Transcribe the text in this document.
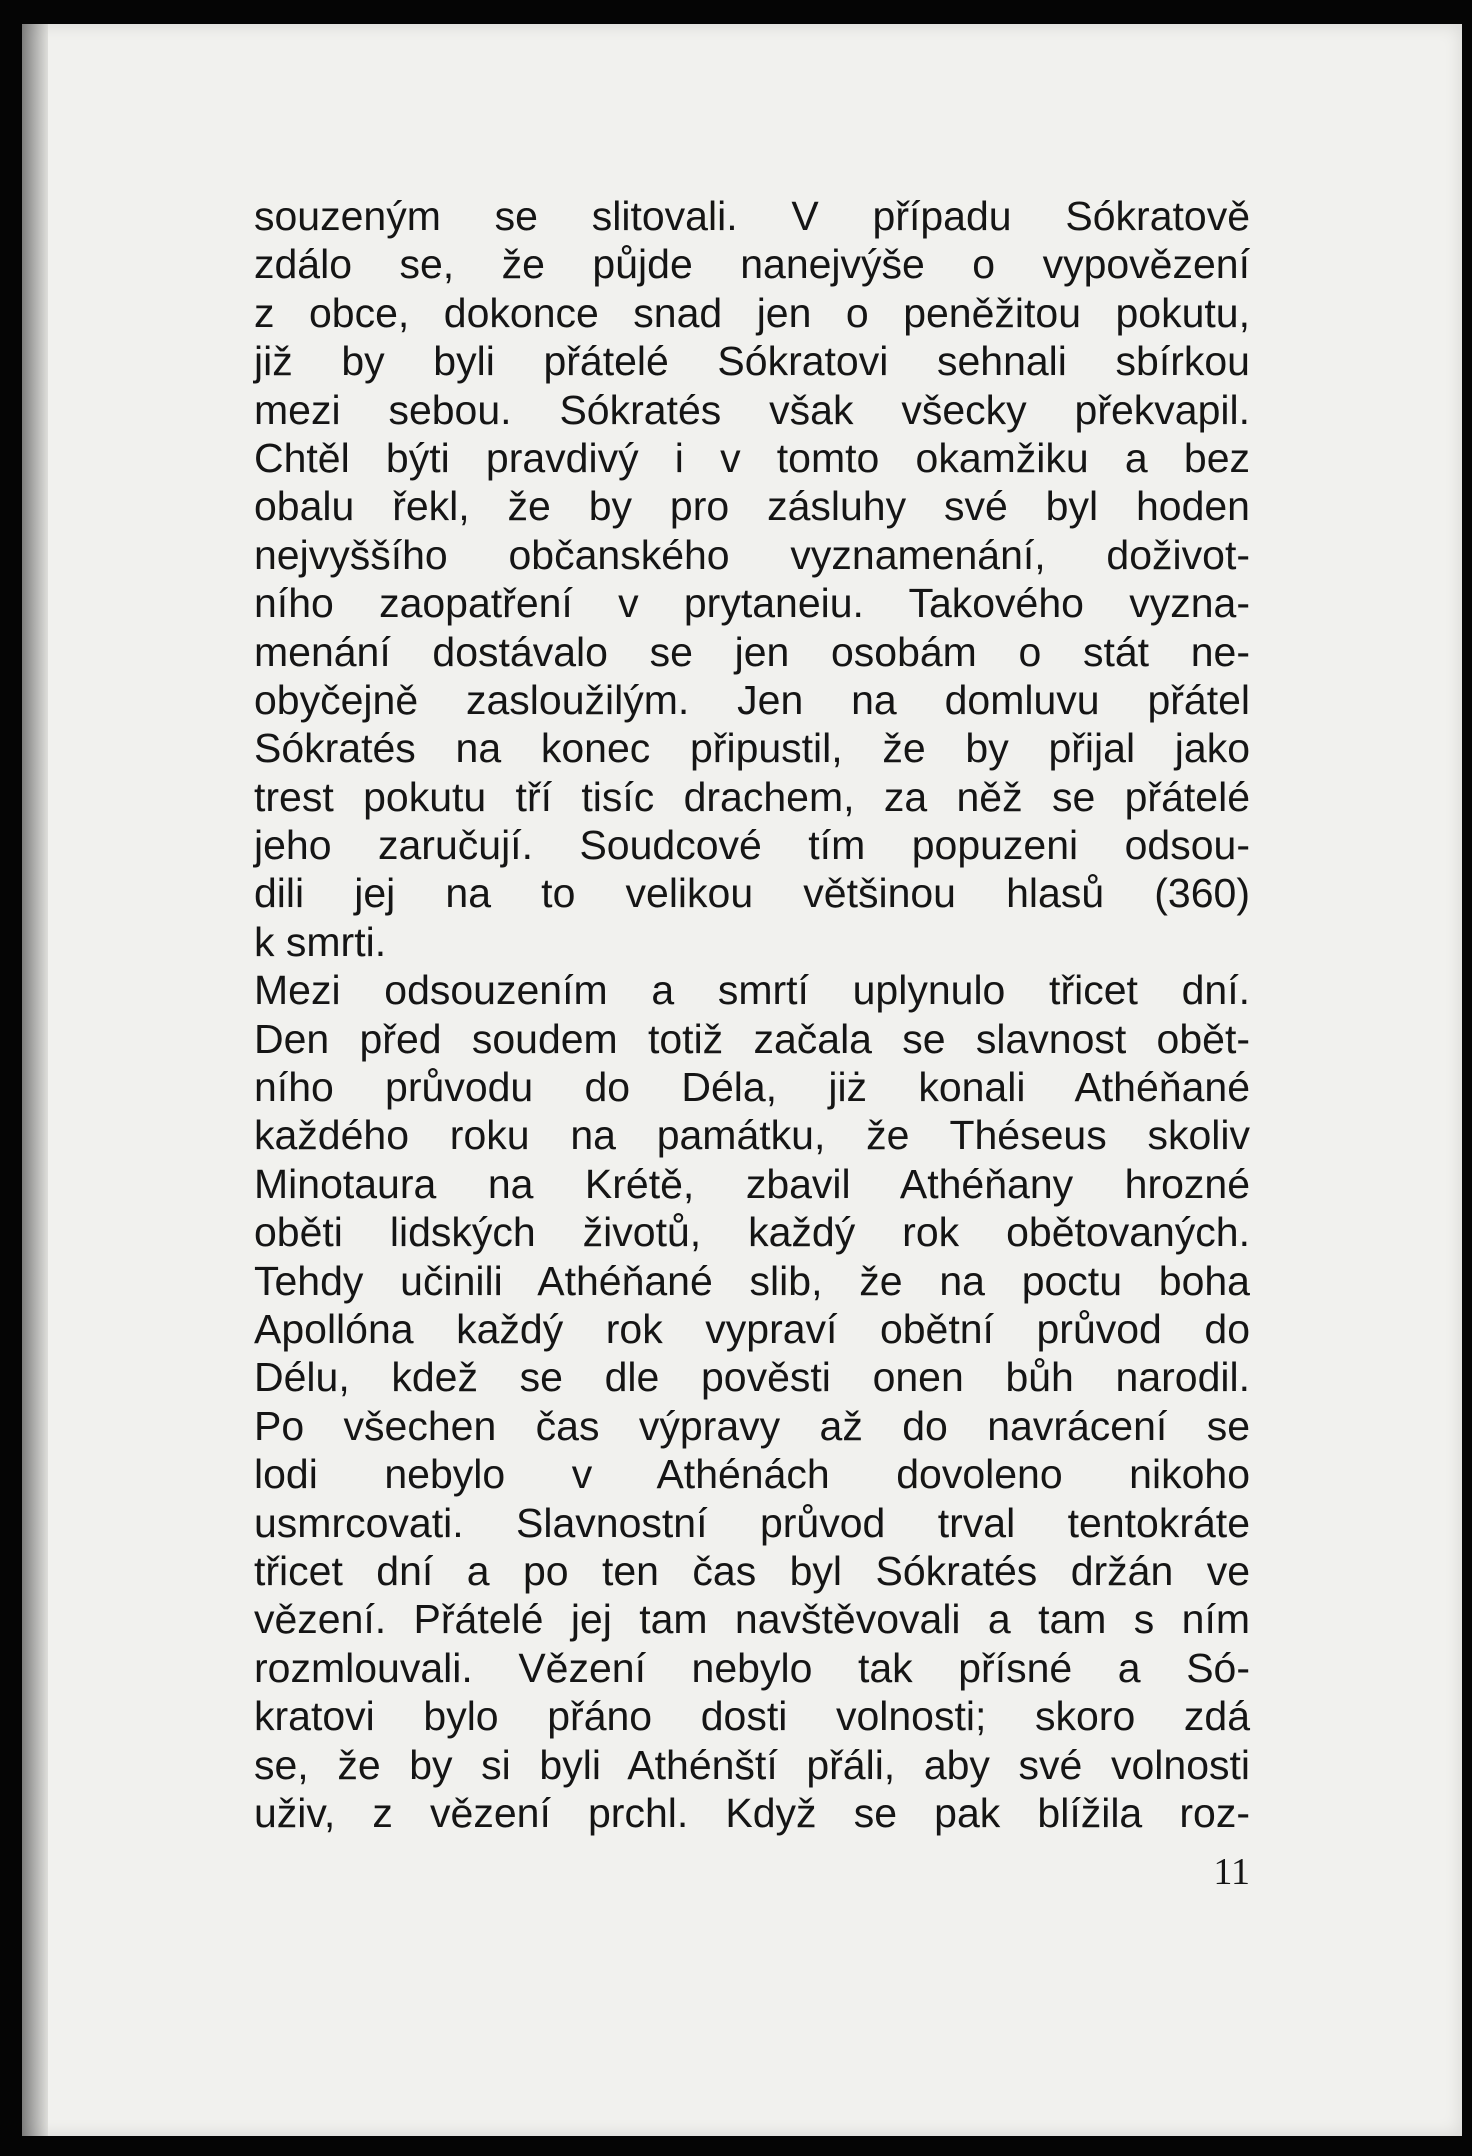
souzeným se slitovali. V případu Sókratově
zdálo se, že půjde nanejvýše o vypovězení
z obce, dokonce snad jen o peněžitou pokutu,
již by byli přátelé Sókratovi sehnali sbírkou
mezi sebou. Sókratés však všecky překvapil.
Chtěl býti pravdivý i v tomto okamžiku a bez
obalu řekl, že by pro zásluhy své byl hoden
nejvyššího občanského vyznamenání, doživot-
ního zaopatření v prytaneiu. Takového vyzna-
menání dostávalo se jen osobám o stát ne-
obyčejně zasloužilým. Jen na domluvu přátel
Sókratés na konec připustil, že by přijal jako
trest pokutu tří tisíc drachem, za něž se přátelé
jeho zaručují. Soudcové tím popuzeni odsou-
dili jej na to velikou většinou hlasů (360)
k smrti.
Mezi odsouzením a smrtí uplynulo třicet dní.
Den před soudem totiž začala se slavnost obět-
ního průvodu do Déla, jiż konali Athéňané
každého roku na památku, že Théseus skoliv
Minotaura na Krétě, zbavil Athéňany hrozné
oběti lidských životů, každý rok obětovaných.
Tehdy učinili Athéňané slib, že na poctu boha
Apollóna každý rok vypraví obětní průvod do
Délu, kdež se dle pověsti onen bůh narodil.
Po všechen čas výpravy až do navrácení se
lodi nebylo v Athénách dovoleno nikoho
usmrcovati. Slavnostní průvod trval tentokráte
třicet dní a po ten čas byl Sókratés držán ve
vězení. Přátelé jej tam navštěvovali a tam s ním
rozmlouvali. Vězení nebylo tak přísné a Só-
kratovi bylo přáno dosti volnosti; skoro zdá
se, že by si byli Athénští přáli, aby své volnosti
uživ, z vězení prchl. Když se pak blížila roz-
11
